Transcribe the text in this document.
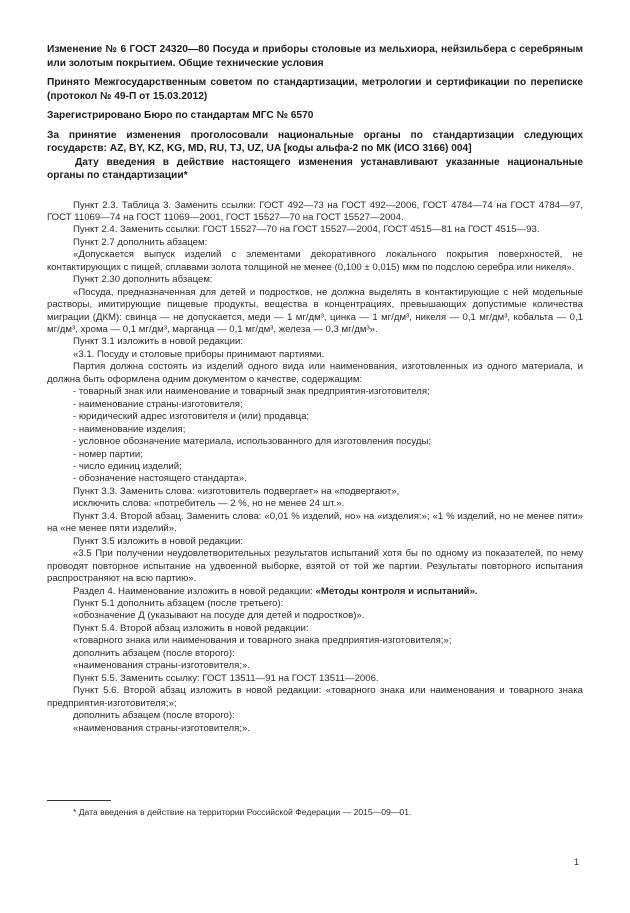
Изменение № 6 ГОСТ 24320—80 Посуда и приборы столовые из мельхиора, нейзильбера с серебряным или золотым покрытием. Общие технические условия

Принято Межгосударственным советом по стандартизации, метрологии и сертификации по переписке (протокол № 49-П от 15.03.2012)

Зарегистрировано Бюро по стандартам МГС № 6570

За принятие изменения проголосовали национальные органы по стандартизации следующих государств: AZ, BY, KZ, KG, MD, RU, TJ, UZ, UA [коды альфа-2 по МК (ИСО 3166) 004]

Дату введения в действие настоящего изменения устанавливают указанные национальные органы по стандартизации*

Пункт 2.3. Таблица 3. Заменить ссылки: ГОСТ 492—73 на ГОСТ 492—2006, ГОСТ 4784—74 на ГОСТ 4784—97, ГОСТ 11069—74 на ГОСТ 11069—2001, ГОСТ 15527—70 на ГОСТ 15527—2004.

Пункт 2.4. Заменить ссылки: ГОСТ 15527—70 на ГОСТ 15527—2004, ГОСТ 4515—81 на ГОСТ 4515—93.

Пункт 2.7 дополнить абзацем:

«Допускается выпуск изделий с элементами декоративного локального покрытия поверхностей, не контактирующих с пищей, сплавами золота толщиной не менее (0,100 ± 0,015) мкм по подслою серебра или никеля».

Пункт 2.30 дополнить абзацем:

«Посуда, предназначенная для детей и подростков, не должна выделять в контактирующие с ней модельные растворы, имитирующие пищевые продукты, вещества в концентрациях, превышающих допустимые количества миграции (ДКМ): свинца — не допускается, меди — 1 мг/дм³, цинка — 1 мг/дм³, никеля — 0,1 мг/дм³, кобальта — 0,1 мг/дм³, хрома — 0,1 мг/дм³, марганца — 0,1 мг/дм³, железа — 0,3 мг/дм³».

Пункт 3.1 изложить в новой редакции:

«3.1. Посуду и столовые приборы принимают партиями.

Партия должна состоять из изделий одного вида или наименования, изготовленных из одного материала, и должна быть оформлена одним документом о качестве, содержащим:

- товарный знак или наименование и товарный знак предприятия-изготовителя;

- наименование страны-изготовителя;

- юридический адрес изготовителя и (или) продавца;

- наименование изделия;

- условное обозначение материала, использованного для изготовления посуды;

- номер партии;

- число единиц изделий;

- обозначение настоящего стандарта».

Пункт 3.3. Заменить слова: «изготовитель подвергает» на «подвергают»,

исключить слова: «потребитель — 2 %, но не менее 24 шт.».

Пункт 3.4. Второй абзац. Заменить слова: «0,01 % изделий, но» на «изделия:»; «1 % изделий, но не менее пяти» на «не менее пяти изделий».

Пункт 3.5 изложить в новой редакции:

«3.5 При получении неудовлетворительных результатов испытаний хотя бы по одному из показателей, по нему проводят повторное испытание на удвоенной выборке, взятой от той же партии. Результаты повторного испытания распространяют на всю партию».

Раздел 4. Наименование изложить в новой редакции: «Методы контроля и испытаний».

Пункт 5.1 дополнить абзацем (после третьего):

«обозначение Д (указывают на посуде для детей и подростков)».

Пункт 5.4. Второй абзац изложить в новой редакции:

«товарного знака или наименования и товарного знака предприятия-изготовителя;»;

дополнить абзацем (после второго):

«наименования страны-изготовителя;».

Пункт 5.5. Заменить ссылку: ГОСТ 13511—91 на ГОСТ 13511—2006.

Пункт 5.6. Второй абзац изложить в новой редакции: «товарного знака или наименования и товарного знака предприятия-изготовителя;»;

дополнить абзацем (после второго):

«наименования страны-изготовителя;».

* Дата введения в действие на территории Российской Федерации — 2015—09—01.
1
